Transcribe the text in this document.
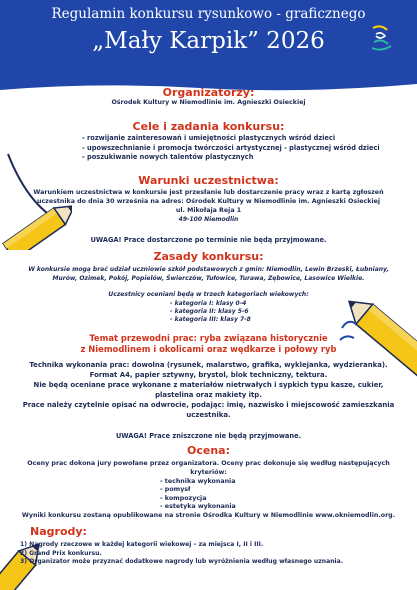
Regulamin konkursu rysunkowo - graficznego
„Mały Karpik” 2026
Organizatorzy:
Ośrodek Kultury w Niemodlinie im. Agnieszki Osieckiej
Cele i zadania konkursu:
- rozwijanie zainteresowań i umiejętności plastycznych wśród dzieci
- upowszechnianie i promocja twórczości artystycznej - plastycznej wśród dzieci
- poszukiwanie nowych talentów plastycznych
Warunki uczestnictwa:
Warunkiem uczestnictwa w konkursie jest przesłanie lub dostarczenie pracy wraz z kartą zgłoszeń
uczestnika do dnia 30 września na adres: Ośrodek Kultury w Niemodlinie im. Agnieszki Osieckiej
ul. Mikołaja Reja 1
49-100 Niemodlin
UWAGA! Prace dostarczone po terminie nie będą przyjmowane.
Zasady konkursu:
W konkursie mogą brać udział uczniowie szkół podstawowych z gmin: Niemodlin, Lewin Brzeski, Łubniany,
Murów, Ozimek, Pokój, Popielów, Świerczów, Tułowice, Turawa, Zębowice, Lasowice Wielkie.
Uczestnicy oceniani będą w trzech kategoriach wiekowych:
- kategoria I: klasy 0-4
- kategoria II: klasy 5-6
- kategoria III: klasy 7-8
Temat przewodni prac: ryba związana historycznie
z Niemodlinem i okolicami oraz wędkarze i połowy ryb
Technika wykonania prac: dowolna (rysunek, malarstwo, grafika, wyklejanka, wydzieranka).
Format A4, papier sztywny, brystol, blok techniczny, tektura.
Nie będą oceniane prace wykonane z materiałów nietrwałych i sypkich typu kasze, cukier,
plastelina oraz makiety itp.
Prace należy czytelnie opisać na odwrocie, podając: imię, nazwisko i miejscowość zamieszkania
uczestnika.
UWAGA! Prace zniszczone nie będą przyjmowane.
Ocena:
Oceny prac dokona jury powołane przez organizatora. Oceny prac dokonuje się według następujących
kryteriów:
- technika wykonania
- pomysł
- kompozycja
- estetyka wykonania
Wyniki konkursu zostaną opublikowane na stronie Ośrodka Kultury w Niemodlinie www.okniemodlin.org.
Nagrody:
1) Nagrody rzeczowe w każdej kategorii wiekowej – za miejsca I, II i III.
2) Grand Prix konkursu.
3) Organizator może przyznać dodatkowe nagrody lub wyróżnienia według własnego uznania.
